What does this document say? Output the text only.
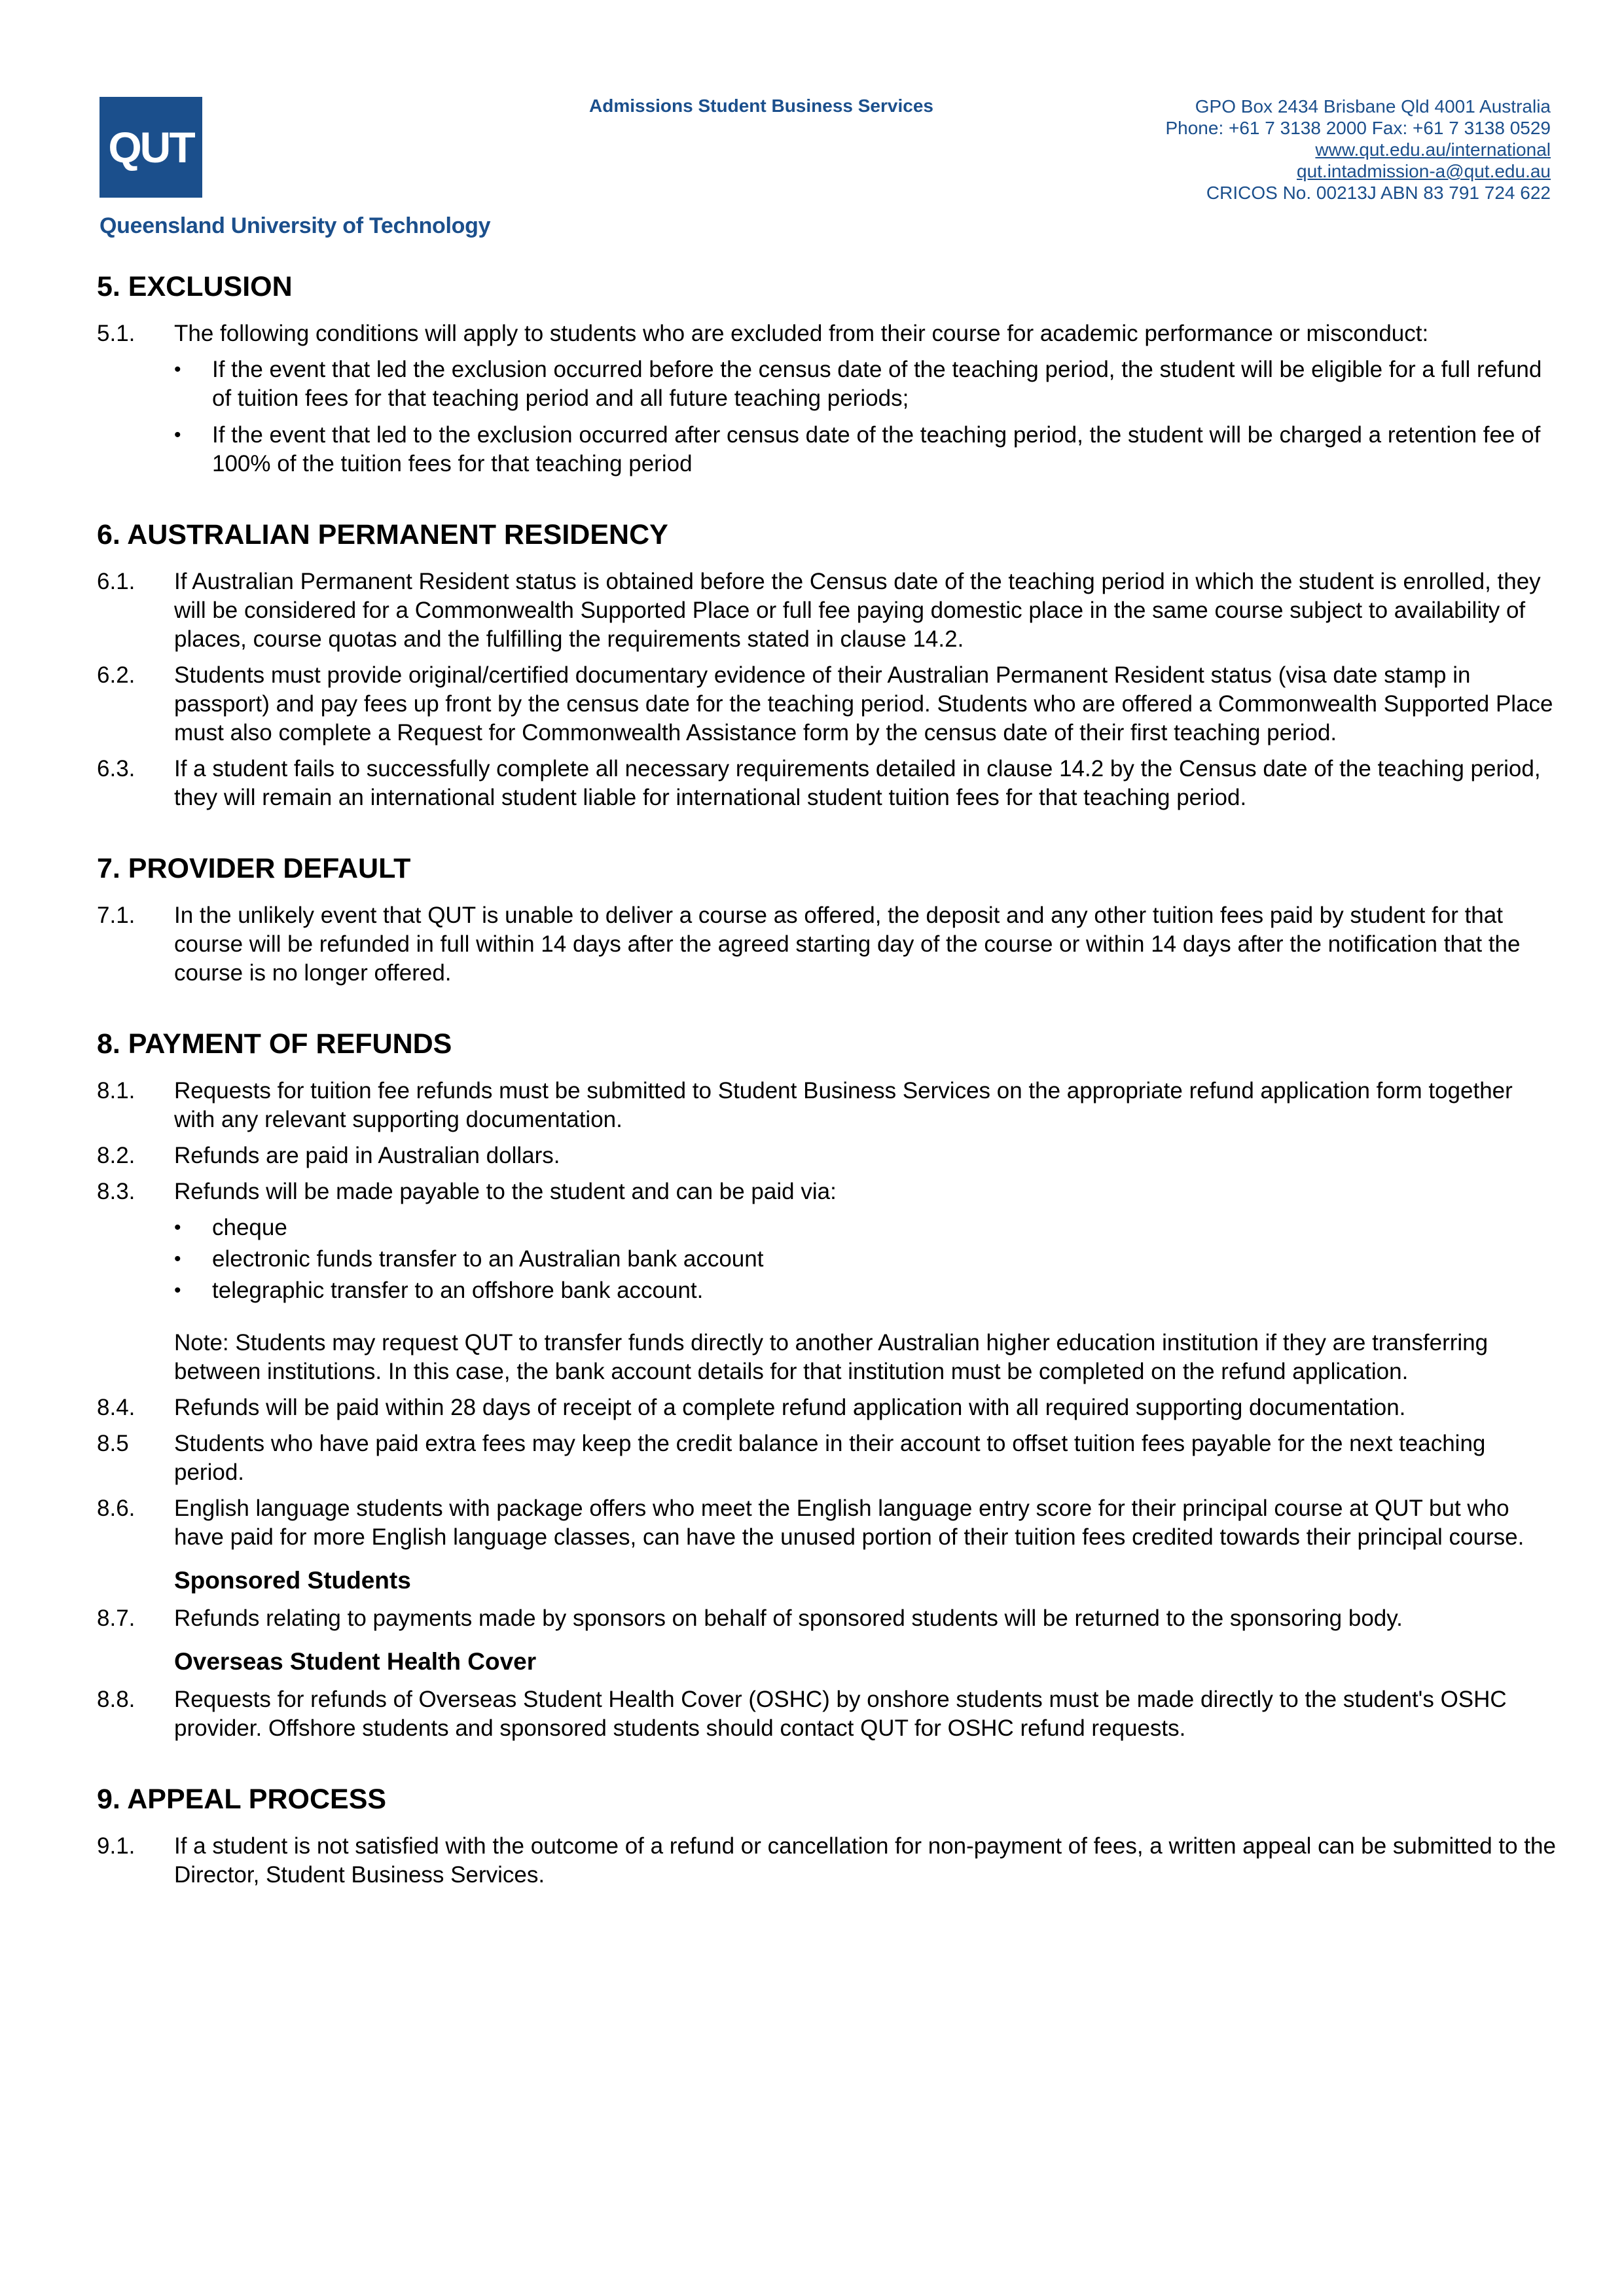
QUT
Queensland University of Technology
Admissions Student Business Services	GPO Box 2434 Brisbane Qld 4001 Australia
Phone: +61 7 3138 2000 Fax: +61 7 3138 0529
www.qut.edu.au/international
qut.intadmission-a@qut.edu.au
CRICOS No. 00213J ABN 83 791 724 622
5. EXCLUSION
5.1.	The following conditions will apply to students who are excluded from their course for academic performance or misconduct:
• If the event that led the exclusion occurred before the census date of the teaching period, the student will be eligible for a full refund of tuition fees for that teaching period and all future teaching periods;
• If the event that led to the exclusion occurred after census date of the teaching period, the student will be charged a retention fee of 100% of the tuition fees for that teaching period
6. AUSTRALIAN PERMANENT RESIDENCY
6.1.	If Australian Permanent Resident status is obtained before the Census date of the teaching period in which the student is enrolled, they will be considered for a Commonwealth Supported Place or full fee paying domestic place in the same course subject to availability of places, course quotas and the fulfilling the requirements stated in clause 14.2.
6.2.	Students must provide original/certified documentary evidence of their Australian Permanent Resident status (visa date stamp in passport) and pay fees up front by the census date for the teaching period. Students who are offered a Commonwealth Supported Place must also complete a Request for Commonwealth Assistance form by the census date of their first teaching period.
6.3.	If a student fails to successfully complete all necessary requirements detailed in clause 14.2 by the Census date of the teaching period, they will remain an international student liable for international student tuition fees for that teaching period.
7. PROVIDER DEFAULT
7.1.	In the unlikely event that QUT is unable to deliver a course as offered, the deposit and any other tuition fees paid by student for that course will be refunded in full within 14 days after the agreed starting day of the course or within 14 days after the notification that the course is no longer offered.
8. PAYMENT OF REFUNDS
8.1.	Requests for tuition fee refunds must be submitted to Student Business Services on the appropriate refund application form together with any relevant supporting documentation.
8.2.	Refunds are paid in Australian dollars.
8.3.	Refunds will be made payable to the student and can be paid via:
• cheque
• electronic funds transfer to an Australian bank account
• telegraphic transfer to an offshore bank account.
Note: Students may request QUT to transfer funds directly to another Australian higher education institution if they are transferring between institutions. In this case, the bank account details for that institution must be completed on the refund application.
8.4.	Refunds will be paid within 28 days of receipt of a complete refund application with all required supporting documentation.
8.5	Students who have paid extra fees may keep the credit balance in their account to offset tuition fees payable for the next teaching period.
8.6.	English language students with package offers who meet the English language entry score for their principal course at QUT but who have paid for more English language classes, can have the unused portion of their tuition fees credited towards their principal course.
Sponsored Students
8.7.	Refunds relating to payments made by sponsors on behalf of sponsored students will be returned to the sponsoring body.
Overseas Student Health Cover
8.8.	Requests for refunds of Overseas Student Health Cover (OSHC) by onshore students must be made directly to the student's OSHC provider. Offshore students and sponsored students should contact QUT for OSHC refund requests.
9. APPEAL PROCESS
9.1.	If a student is not satisfied with the outcome of a refund or cancellation for non-payment of fees, a written appeal can be submitted to the Director, Student Business Services.
